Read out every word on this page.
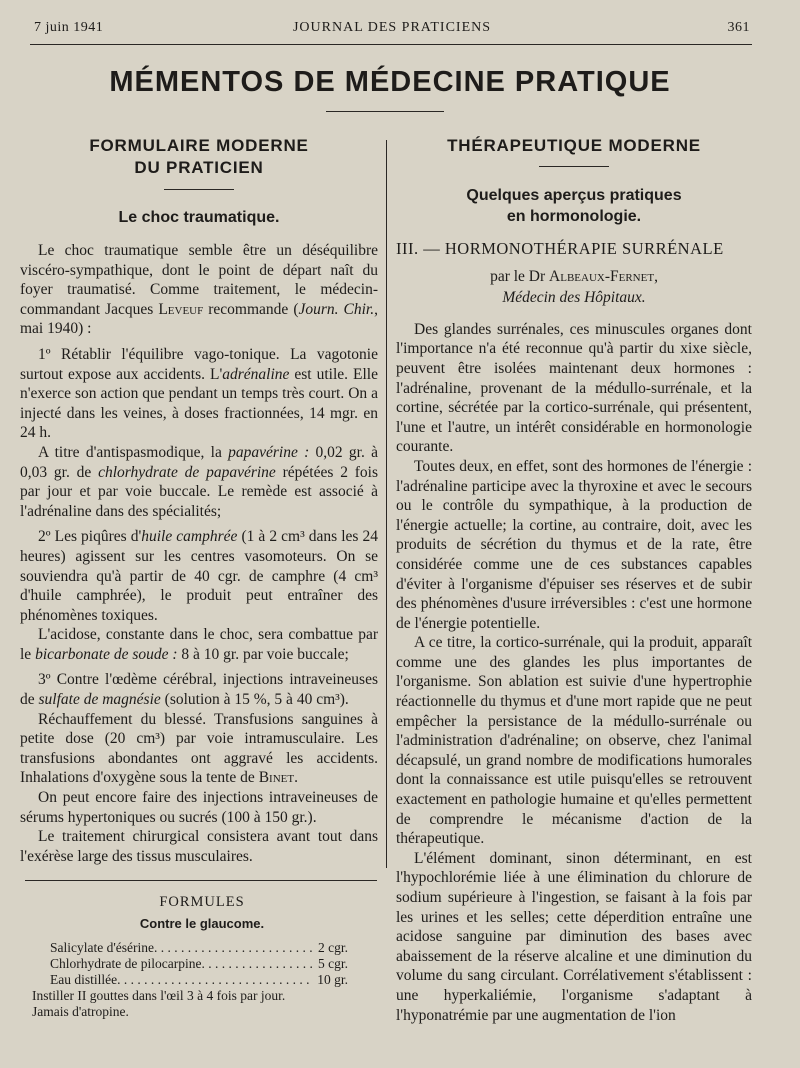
7 juin 1941	JOURNAL DES PRATICIENS	361
MÉMENTOS DE MÉDECINE PRATIQUE
FORMULAIRE MODERNE
DU PRATICIEN
Le choc traumatique.

Le choc traumatique semble être un déséquilibre viscéro-sympathique, dont le point de départ naît du foyer traumatisé. Comme traitement, le médecin-commandant Jacques Leveuf recommande (Journ. Chir., mai 1940) :

1º Rétablir l'équilibre vago-tonique. La vagotonie surtout expose aux accidents. L'adrénaline est utile. Elle n'exerce son action que pendant un temps très court. On a injecté dans les veines, à doses fractionnées, 14 mgr. en 24 h.

A titre d'antispasmodique, la papavérine : 0,02 gr. à 0,03 gr. de chlorhydrate de papavérine répétées 2 fois par jour et par voie buccale. Le remède est associé à l'adrénaline dans des spécialités;

2º Les piqûres d'huile camphrée (1 à 2 cm³ dans les 24 heures) agissent sur les centres vasomoteurs. On se souviendra qu'à partir de 40 cgr. de camphre (4 cm³ d'huile camphrée), le produit peut entraîner des phénomènes toxiques.

L'acidose, constante dans le choc, sera combattue par le bicarbonate de soude : 8 à 10 gr. par voie buccale;

3º Contre l'œdème cérébral, injections intraveineuses de sulfate de magnésie (solution à 15 %, 5 à 40 cm³).

Réchauffement du blessé. Transfusions sanguines à petite dose (20 cm³) par voie intramusculaire. Les transfusions abondantes ont aggravé les accidents. Inhalations d'oxygène sous la tente de Binet.

On peut encore faire des injections intraveineuses de sérums hypertoniques ou sucrés (100 à 150 gr.).

Le traitement chirurgical consistera avant tout dans l'exérèse large des tissus musculaires.

FORMULES
Contre le glaucome.
Salicylate d'ésérine . . .	2 cgr.
Chlorhydrate de pilocarpine . . .	5 cgr.
Eau distillée . . .	10 gr.
Instiller II gouttes dans l'œil 3 à 4 fois par jour.
Jamais d'atropine.
THÉRAPEUTIQUE MODERNE
Quelques aperçus pratiques
en hormonologie.
III. — HORMONOTHÉRAPIE SURRÉNALE
par le Dr Albeaux-Fernet,
Médecin des Hôpitaux.

Des glandes surrénales, ces minuscules organes dont l'importance n'a été reconnue qu'à partir du xixe siècle, peuvent être isolées maintenant deux hormones : l'adrénaline, provenant de la médullo-surrénale, et la cortine, sécrétée par la cortico-surrénale, qui présentent, l'une et l'autre, un intérêt considérable en hormonologie courante.

Toutes deux, en effet, sont des hormones de l'énergie : l'adrénaline participe avec la thyroxine et avec le secours ou le contrôle du sympathique, à la production de l'énergie actuelle; la cortine, au contraire, doit, avec les produits de sécrétion du thymus et de la rate, être considérée comme une de ces substances capables d'éviter à l'organisme d'épuiser ses réserves et de subir des phénomènes d'usure irréversibles : c'est une hormone de l'énergie potentielle.

A ce titre, la cortico-surrénale, qui la produit, apparaît comme une des glandes les plus importantes de l'organisme. Son ablation est suivie d'une hypertrophie réactionnelle du thymus et d'une mort rapide que ne peut empêcher la persistance de la médullo-surrénale ou l'administration d'adrénaline; on observe, chez l'animal décapsulé, un grand nombre de modifications humorales dont la connaissance est utile puisqu'elles se retrouvent exactement en pathologie humaine et qu'elles permettent de comprendre le mécanisme d'action de la thérapeutique.

L'élément dominant, sinon déterminant, en est l'hypochlorémie liée à une élimination du chlorure de sodium supérieure à l'ingestion, se faisant à la fois par les urines et les selles; cette déperdition entraîne une acidose sanguine par diminution des bases avec abaissement de la réserve alcaline et une diminution du volume du sang circulant. Corrélativement s'établissent : une hyperkaliémie, l'organisme s'adaptant à l'hyponatrémie par une augmentation de l'ion
